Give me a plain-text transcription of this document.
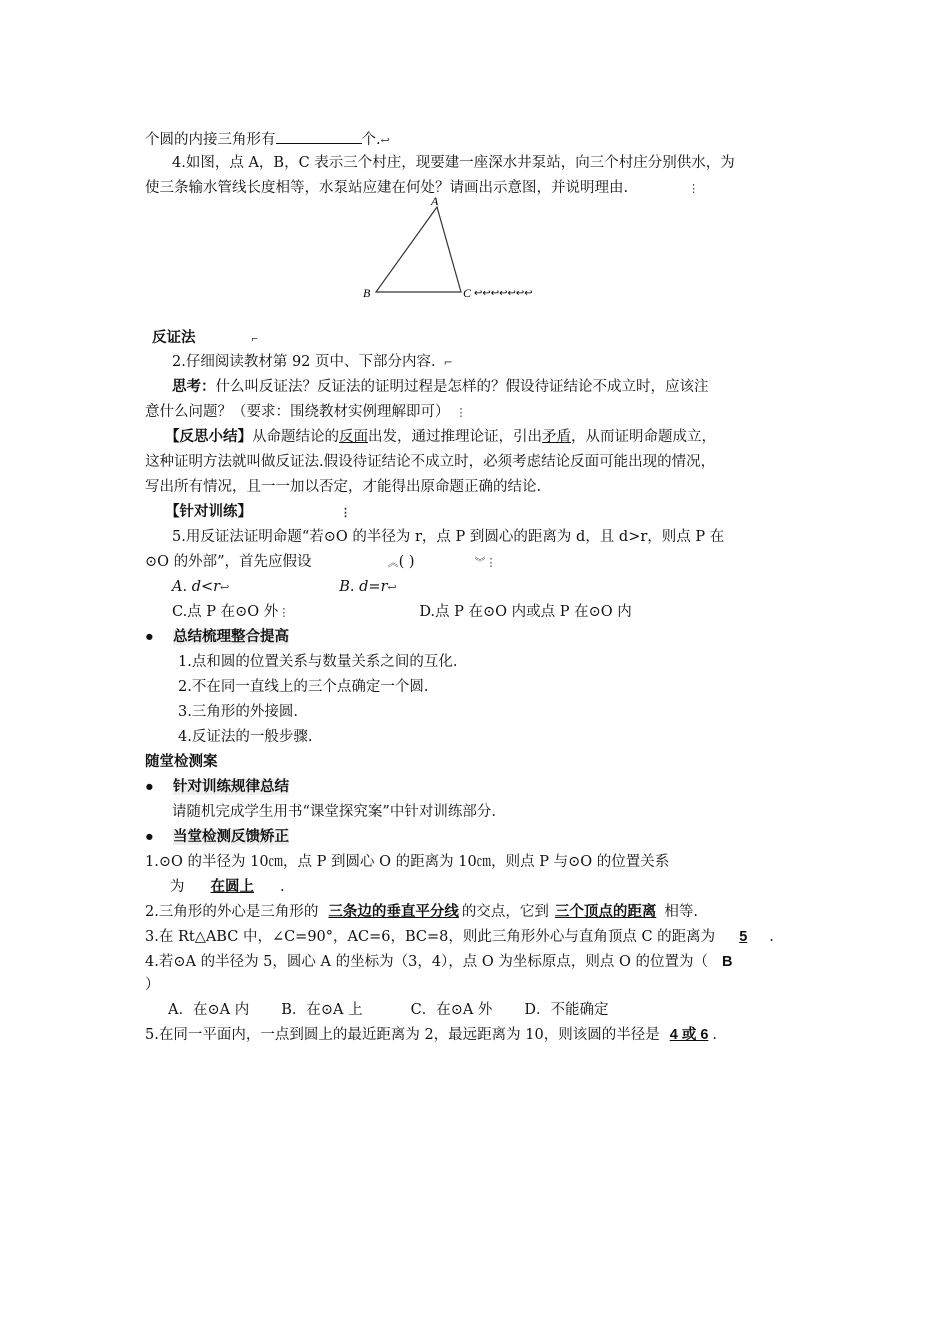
个圆的内接三角形有	个.↩
4.如图，点 A，B，C 表示三个村庄，现要建一座深水井泵站，向三个村庄分别供水，为
使三条输水管线长度相等，水泵站应建在何处？请画出示意图，并说明理由.	⋮
A
B	C ↩↩↩↩↩↩↩
反证法	⌐
2.仔细阅读教材第 92 页中、下部分内容. ⌐
思考：什么叫反证法？反证法的证明过程是怎样的？假设待证结论不成立时，应该注
意什么问题？（要求：围绕教材实例理解即可） ⋮
【反思小结】从命题结论的反面出发，通过推理论证，引出矛盾，从而证明命题成立，
这种证明方法就叫做反证法.假设待证结论不成立时，必须考虑结论反面可能出现的情况，
写出所有情况，且一一加以否定，才能得出原命题正确的结论.
【针对训练】	⋮
5.用反证法证明命题“若⊙O 的半径为 r，点 P 到圆心的距离为 d，且 d>r，则点 P 在
⊙O 的外部”，首先应假设	︽( )	︾⋮
A. d<r↩	B. d=r↩
C.点 P 在⊙O 外⋮	D.点 P 在⊙O 内或点 P 在⊙O 内
● 总结梳理整合提高
1.点和圆的位置关系与数量关系之间的互化.
2.不在同一直线上的三个点确定一个圆.
3.三角形的外接圆.
4.反证法的一般步骤.
随堂检测案
● 针对训练规律总结
请随机完成学生用书“课堂探究案”中针对训练部分.
● 当堂检测反馈矫正
1.⊙O 的半径为 10㎝，点 P 到圆心 O 的距离为 10㎝，则点 P 与⊙O 的位置关系
为 在圆上 .
2.三角形的外心是三角形的 三条边的垂直平分线 的交点，它到 三个顶点的距离 相等.
3.在 Rt△ABC 中，∠C=90°，AC=6，BC=8，则此三角形外心与直角顶点 C 的距离为 5 .
4.若⊙A 的半径为 5，圆心 A 的坐标为（3，4），点 O 为坐标原点，则点 O 的位置为（ B
）
A．在⊙A 内 B．在⊙A 上	C．在⊙A 外 D．不能确定
5.在同一平面内，一点到圆上的最近距离为 2，最远距离为 10，则该圆的半径是 4 或 6 .
